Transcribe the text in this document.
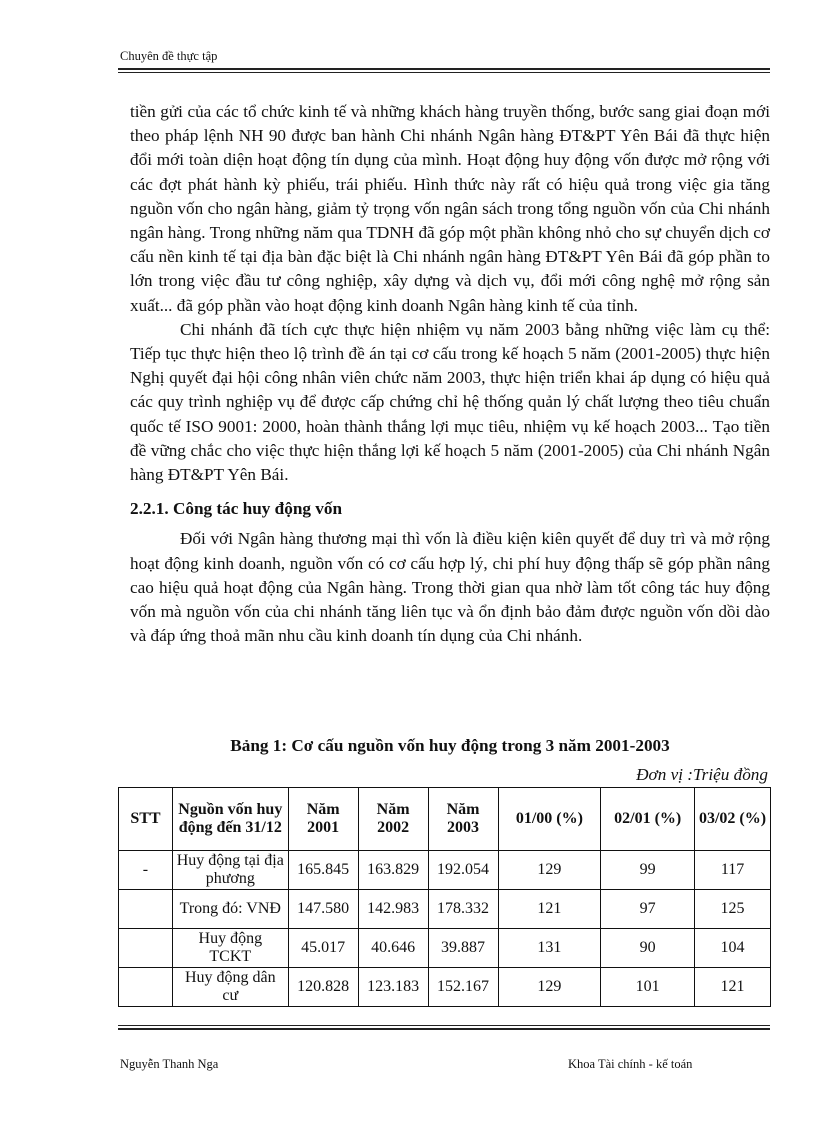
Chuyên đề thực tập

tiền gửi của các tổ chức kinh tế và những khách hàng truyền thống, bước sang giai đoạn mới theo pháp lệnh NH 90 được ban hành Chi nhánh Ngân hàng ĐT&PT Yên Bái đã thực hiện đổi mới toàn diện hoạt động tín dụng của mình. Hoạt động huy động vốn được mở rộng với các đợt phát hành kỳ phiếu, trái phiếu. Hình thức này rất có hiệu quả trong việc gia tăng nguồn vốn cho ngân hàng, giảm tỷ trọng vốn ngân sách trong tổng nguồn vốn của Chi nhánh ngân hàng. Trong những năm qua TDNH đã góp một phần không nhỏ cho sự chuyển dịch cơ cấu nền kinh tế tại địa bàn đặc biệt là Chi nhánh ngân hàng ĐT&PT Yên Bái đã góp phần to lớn trong việc đầu tư công nghiệp, xây dựng và dịch vụ, đổi mới công nghệ mở rộng sản xuất... đã góp phần vào hoạt động kinh doanh Ngân hàng kinh tế của tỉnh.

Chi nhánh đã tích cực thực hiện nhiệm vụ năm 2003 bằng những việc làm cụ thể: Tiếp tục thực hiện theo lộ trình đề án tại cơ cấu trong kế hoạch 5 năm (2001-2005) thực hiện Nghị quyết đại hội công nhân viên chức năm 2003, thực hiện triển khai áp dụng có hiệu quả các quy trình nghiệp vụ để được cấp chứng chỉ hệ thống quản lý chất lượng theo tiêu chuẩn quốc tế ISO 9001: 2000, hoàn thành thắng lợi mục tiêu, nhiệm vụ kế hoạch 2003... Tạo tiền đề vững chắc cho việc thực hiện thắng lợi kế hoạch 5 năm (2001-2005) của Chi nhánh Ngân hàng ĐT&PT Yên Bái.

2.2.1. Công tác huy động vốn

Đối với Ngân hàng thương mại thì vốn là điều kiện kiên quyết để duy trì và mở rộng hoạt động kinh doanh, nguồn vốn có cơ cấu hợp lý, chi phí huy động thấp sẽ góp phần nâng cao hiệu quả hoạt động của Ngân hàng. Trong thời gian qua nhờ làm tốt công tác huy động vốn mà nguồn vốn của chi nhánh tăng liên tục và ổn định bảo đảm được nguồn vốn dồi dào và đáp ứng thoả mãn nhu cầu kinh doanh tín dụng của Chi nhánh.

Bảng 1: Cơ cấu nguồn vốn huy động trong 3 năm 2001-2003
Đơn vị :Triệu đồng
STT	Nguồn vốn huy động đến 31/12	Năm 2001	Năm 2002	Năm 2003	01/00 (%)	02/01 (%)	03/02 (%)
-	Huy động tại địa phương	165.845	163.829	192.054	129	99	117
	Trong đó: VNĐ	147.580	142.983	178.332	121	97	125
	Huy động TCKT	45.017	40.646	39.887	131	90	104
	Huy động dân cư	120.828	123.183	152.167	129	101	121
Nguyễn Thanh Nga	Khoa Tài chính - kế toán
